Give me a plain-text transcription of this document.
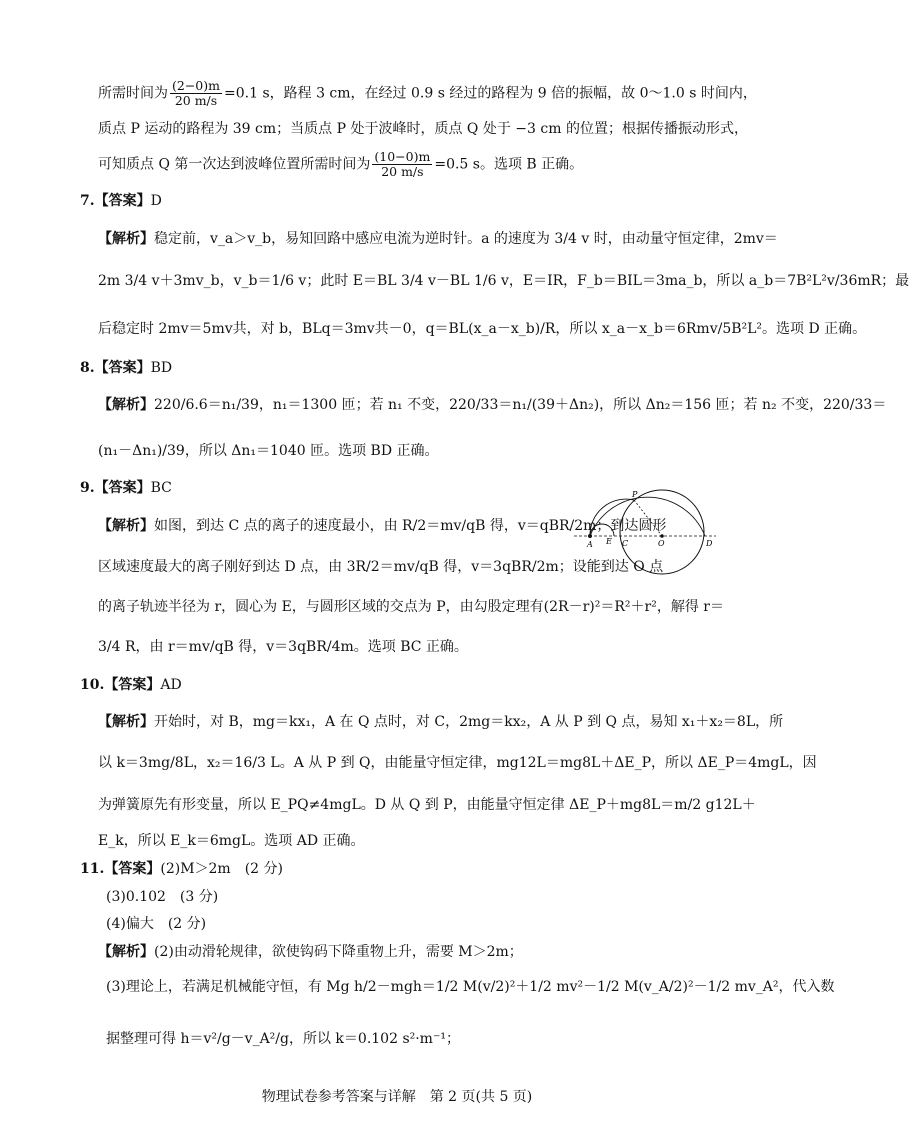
所需时间为 $\frac{(2-0)m}{20 m/s} =0.1$ s，路程 3 cm，在经过 0.9 s 经过的路程为 9 倍的振幅，故 0～1.0 s 时间内，
质点 P 运动的路程为 39 cm；当质点 P 处于波峰时，质点 Q 处于 −3 cm 的位置；根据传播振动形式，
可知质点 Q 第一次达到波峰位置所需时间为 $\frac{(10-0)m}{20 m/s} =0.5$ s。选项 B 正确。
7.【答案】D
【解析】稳定前，v_a＞v_b，易知回路中感应电流为逆时针。a 的速度为 3/4 v 时，由动量守恒定律，2mv＝
2m 3/4 v＋3mv_b，v_b＝1/6 v；此时 E＝BL 3/4 v－BL 1/6 v，E＝IR，F_b＝BIL＝3ma_b，所以 a_b＝7B²L²v/36mR；最
后稳定时 2mv＝5mv共，对 b，BLq＝3mv共－0，q＝BL(x_a－x_b)/R，所以 x_a－x_b＝6Rmv/5B²L²。选项 D 正确。
8.【答案】BD
【解析】220/6.6＝n₁/39，n₁＝1300 匝；若 n₁ 不变，220/33＝n₁/(39＋Δn₂)，所以 Δn₂＝156 匝；若 n₂ 不变，220/33＝
(n₁－Δn₁)/39，所以 Δn₁＝1040 匝。选项 BD 正确。
9.【答案】BC
【解析】如图，到达 C 点的离子的速度最小，由 R/2＝mv/qB 得，v＝qBR/2m；到达圆形
区域速度最大的离子刚好到达 D 点，由 3R/2＝mv/qB 得，v＝3qBR/2m；设能到达 O 点
的离子轨迹半径为 r，圆心为 E，与圆形区域的交点为 P，由勾股定理有(2R－r)²＝R²＋r²，解得 r＝
3/4 R，由 r＝mv/qB 得，v＝3qBR/4m。选项 BC 正确。
A E C	O	D
P
10.【答案】AD
【解析】开始时，对 B，mg＝kx₁，A 在 Q 点时，对 C，2mg＝kx₂，A 从 P 到 Q 点，易知 x₁＋x₂＝8L，所
以 k＝3mg/8L，x₂＝16/3 L。A 从 P 到 Q，由能量守恒定律，mg12L＝mg8L＋ΔE_P，所以 ΔE_P＝4mgL，因
为弹簧原先有形变量，所以 E_PQ≠4mgL。D 从 Q 到 P，由能量守恒定律 ΔE_P＋mg8L＝m/2 g12L＋
E_k，所以 E_k＝6mgL。选项 AD 正确。
11.【答案】(2)M＞2m　(2 分)
(3)0.102　(3 分)
(4)偏大　(2 分)
【解析】(2)由动滑轮规律，欲使钩码下降重物上升，需要 M＞2m；
(3)理论上，若满足机械能守恒，有 Mg h/2－mgh＝1/2 M(v/2)²＋1/2 mv²－1/2 M(v_A/2)²－1/2 mv_A²，代入数
据整理可得 h＝v²/g－v_A²/g，所以 k＝0.102 s²·m⁻¹；
物理试卷参考答案与详解　第 2 页(共 5 页)
